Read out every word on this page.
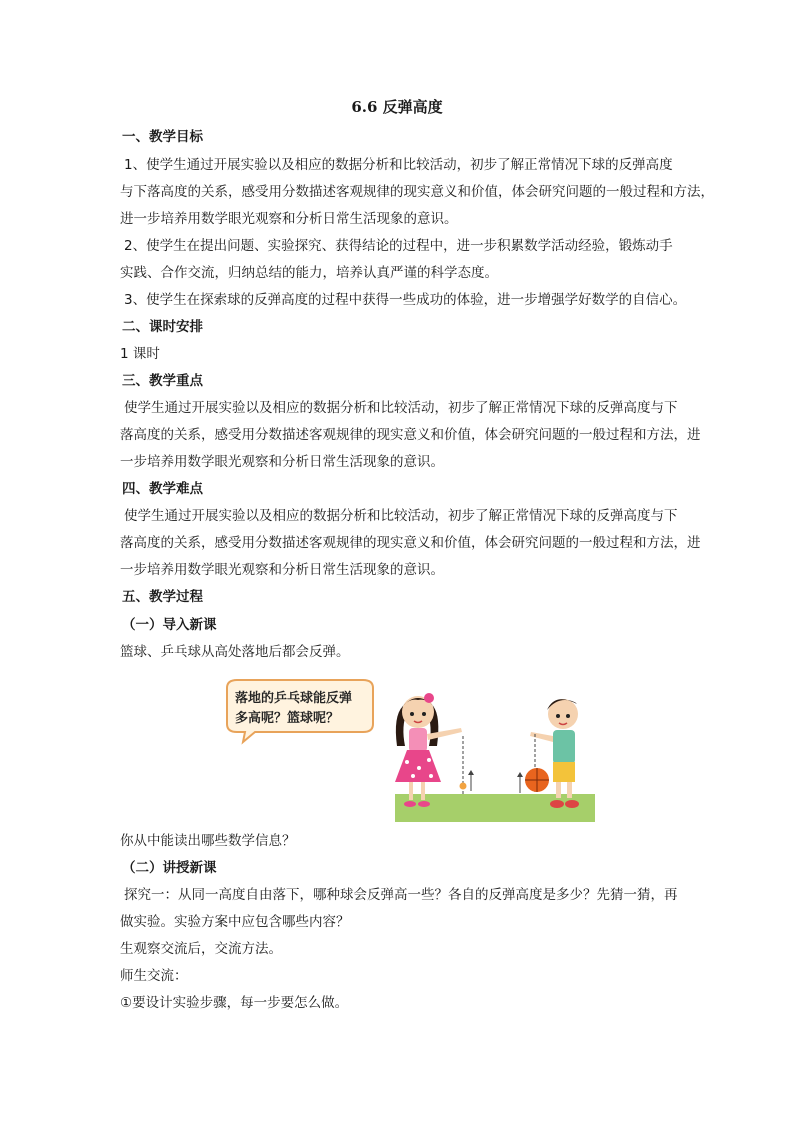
6.6 反弹高度
一、教学目标
1、使学生通过开展实验以及相应的数据分析和比较活动，初步了解正常情况下球的反弹高度
与下落高度的关系，感受用分数描述客观规律的现实意义和价值，体会研究问题的一般过程和方法，
进一步培养用数学眼光观察和分析日常生活现象的意识。
2、使学生在提出问题、实验探究、获得结论的过程中，进一步积累数学活动经验，锻炼动手
实践、合作交流，归纳总结的能力，培养认真严谨的科学态度。
3、使学生在探索球的反弹高度的过程中获得一些成功的体验，进一步增强学好数学的自信心。
二、课时安排
1 课时
三、教学重点
使学生通过开展实验以及相应的数据分析和比较活动，初步了解正常情况下球的反弹高度与下
落高度的关系，感受用分数描述客观规律的现实意义和价值，体会研究问题的一般过程和方法，进
一步培养用数学眼光观察和分析日常生活现象的意识。
四、教学难点
使学生通过开展实验以及相应的数据分析和比较活动，初步了解正常情况下球的反弹高度与下
落高度的关系，感受用分数描述客观规律的现实意义和价值，体会研究问题的一般过程和方法，进
一步培养用数学眼光观察和分析日常生活现象的意识。
五、教学过程
（一）导入新课
篮球、乒乓球从高处落地后都会反弹。
落地的乒乓球能反弹
多高呢？篮球呢？
你从中能读出哪些数学信息？
（二）讲授新课
探究一：从同一高度自由落下，哪种球会反弹高一些？各自的反弹高度是多少？先猜一猜，再
做实验。实验方案中应包含哪些内容？
生观察交流后，交流方法。
师生交流：
①要设计实验步骤，每一步要怎么做。
